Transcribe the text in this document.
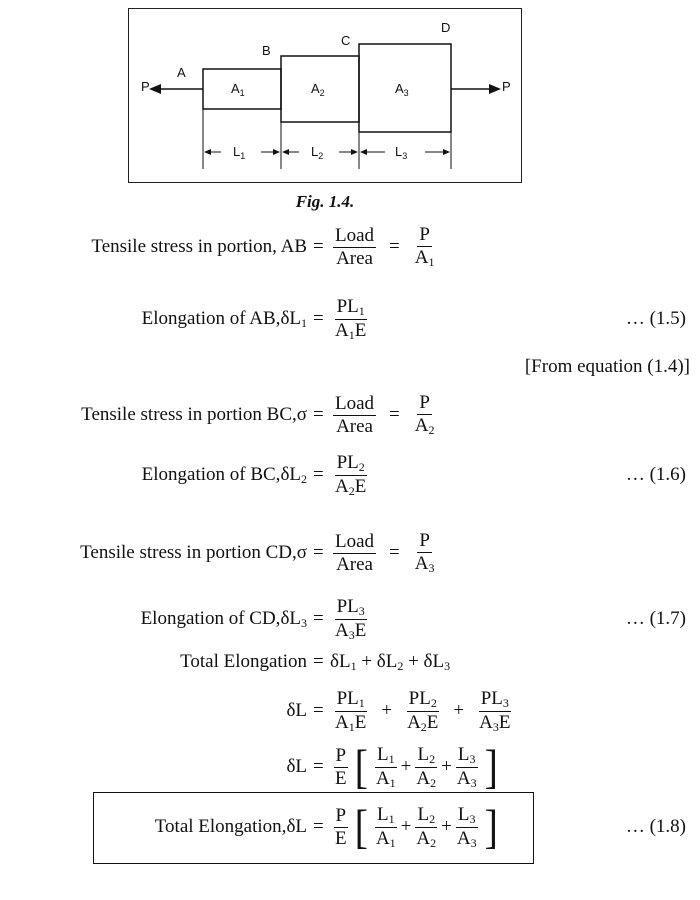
A
B
C
D
P	P
$A_1$	$A_2$	$A_3$
$L_1$	$L_2$	$L_3$
Fig. 1.4.
Tensile stress in portion, AB = $\frac{\text{Load}}{\text{Area}} = \frac{P}{A_1}$
Elongation of AB, δ $L_1 = \frac{PL_1}{A_1E}$	… (1.5)
[From equation (1.4)]
Tensile stress in portion BC, $\sigma = \frac{\text{Load}}{\text{Area}} = \frac{P}{A_2}$
Elongation of BC, δ $L_2 = \frac{PL_2}{A_2E}$	… (1.6)
Tensile stress in portion CD, $\sigma = \frac{\text{Load}}{\text{Area}} = \frac{P}{A_3}$
Elongation of CD, δ $L_3 = \frac{PL_3}{A_3E}$	… (1.7)
Total Elongation = $\delta L_1 + \delta L_2 + \delta L_3$
δ $L = \frac{PL_1}{A_1E} + \frac{PL_2}{A_2E} + \frac{PL_3}{A_3E}$
δ $L = \frac{P}{E}$ [ $\frac{L_1}{A_1} + \frac{L_2}{A_2} + \frac{L_3}{A_3}$ ]
Total Elongation, δ $L = \frac{P}{E}$ [ $\frac{L_1}{A_1} + \frac{L_2}{A_2} + \frac{L_3}{A_3}$ ]	… (1.8)
